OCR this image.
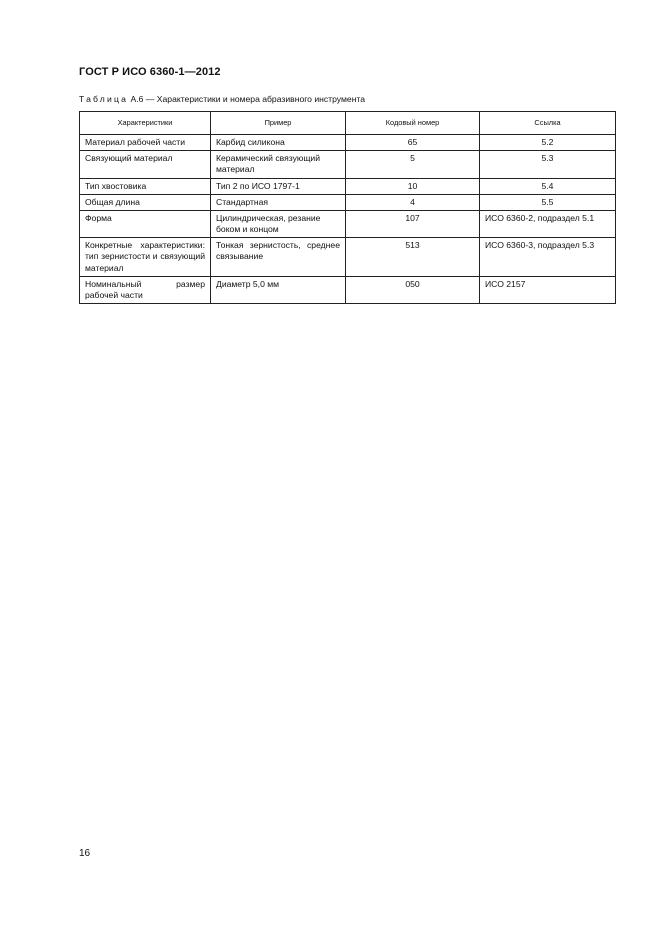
ГОСТ Р ИСО 6360-1—2012
Таблица А.6 — Характеристики и номера абразивного инструмента
Характеристики	Пример	Кодовый номер	Ссылка
Материал рабочей части	Карбид силикона	65	5.2
Связующий материал	Керамический связующий материал	5	5.3
Тип хвостовика	Тип 2 по ИСО 1797-1	10	5.4
Общая длина	Стандартная	4	5.5
Форма	Цилиндрическая, резание боком и концом	107	ИСО 6360-2, подраздел 5.1
Конкретные характеристики: тип зернистости и связующий материал	Тонкая зернистость, среднее связывание	513	ИСО 6360-3, подраздел 5.3
Номинальный размер рабочей части	Диаметр 5,0 мм	050	ИСО 2157
16
